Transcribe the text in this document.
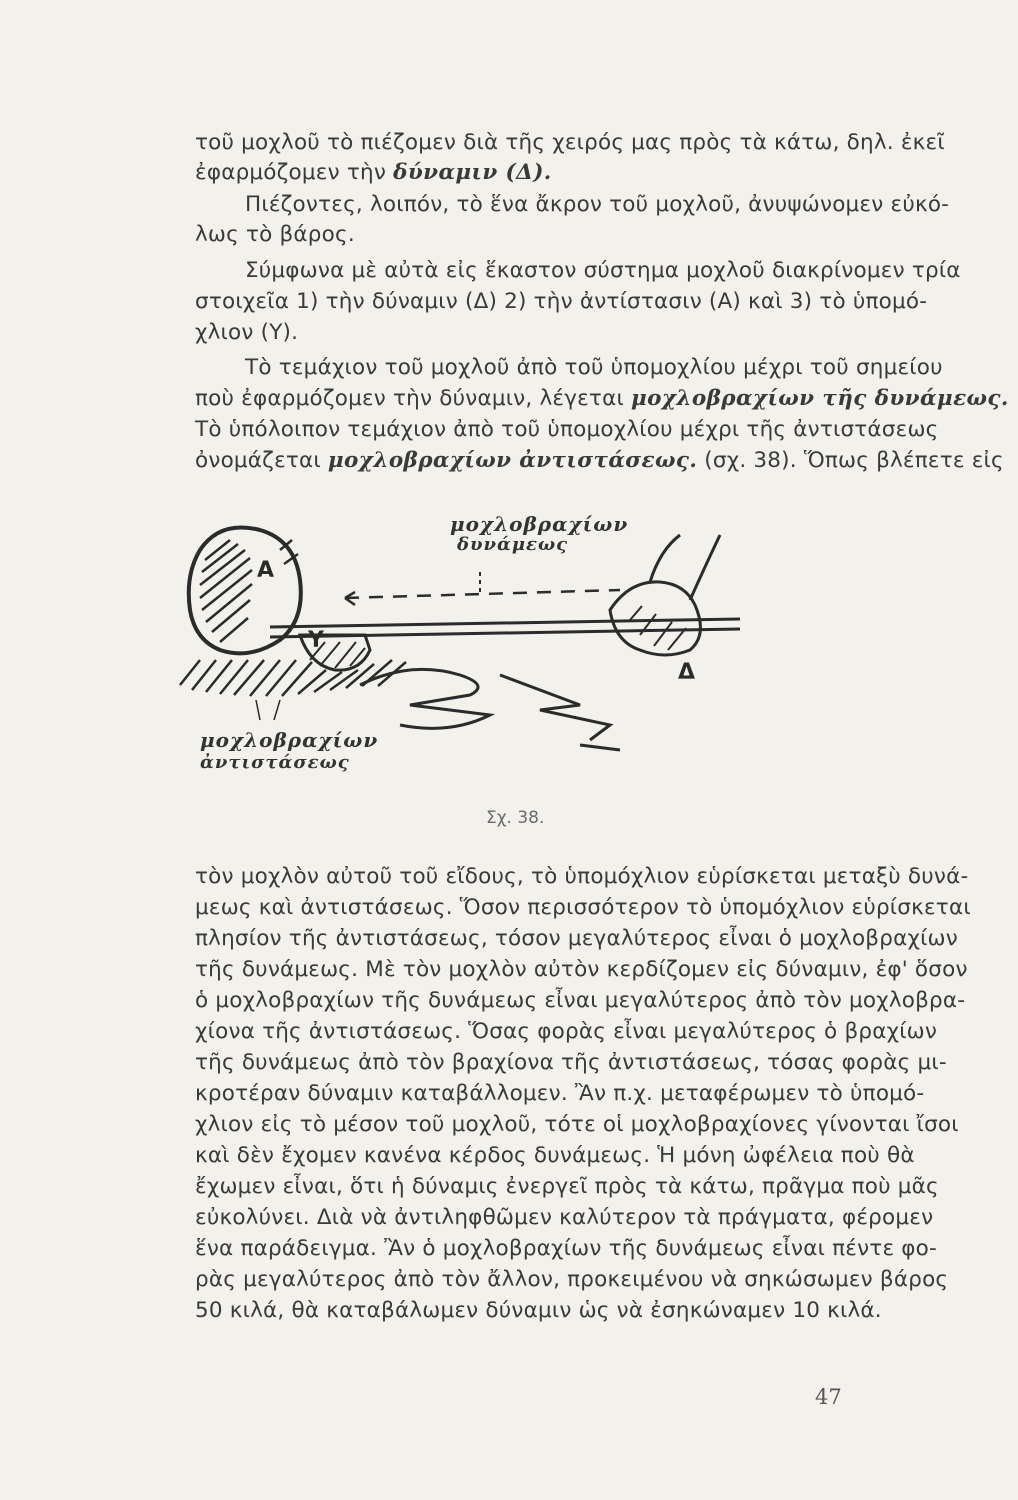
τοῦ μοχλοῦ τὸ πιέζομεν διὰ τῆς χειρός μας πρὸς τὰ κάτω, δηλ. ἐκεῖ
ἐφαρμόζομεν τὴν δύναμιν (Δ).
Πιέζοντες, λοιπόν, τὸ ἕνα ἄκρον τοῦ μοχλοῦ, ἀνυψώνομεν εὐκό-
λως τὸ βάρος.
Σύμφωνα μὲ αὐτὰ εἰς ἕκαστον σύστημα μοχλοῦ διακρίνομεν τρία
στοιχεῖα 1) τὴν δύναμιν (Δ) 2) τὴν ἀντίστασιν (Α) καὶ 3) τὸ ὑπομό-
χλιον (Υ).
Τὸ τεμάχιον τοῦ μοχλοῦ ἀπὸ τοῦ ὑπομοχλίου μέχρι τοῦ σημείου
ποὺ ἐφαρμόζομεν τὴν δύναμιν, λέγεται μοχλοβραχίων τῆς δυνάμεως.
Τὸ ὑπόλοιπον τεμάχιον ἀπὸ τοῦ ὑπομοχλίου μέχρι τῆς ἀντιστάσεως
ὀνομάζεται μοχλοβραχίων ἀντιστάσεως. (σχ. 38). Ὅπως βλέπετε εἰς
Α
Υ
Δ
μοχλοβραχίων
δυνάμεως
μοχλοβραχίων
ἀντιστάσεως
Σχ. 38.
τὸν μοχλὸν αὐτοῦ τοῦ εἴδους, τὸ ὑπομόχλιον εὑρίσκεται μεταξὺ δυνά-
μεως καὶ ἀντιστάσεως. Ὅσον περισσότερον τὸ ὑπομόχλιον εὑρίσκεται
πλησίον τῆς ἀντιστάσεως, τόσον μεγαλύτερος εἶναι ὁ μοχλοβραχίων
τῆς δυνάμεως. Μὲ τὸν μοχλὸν αὐτὸν κερδίζομεν εἰς δύναμιν, ἐφ' ὅσον
ὁ μοχλοβραχίων τῆς δυνάμεως εἶναι μεγαλύτερος ἀπὸ τὸν μοχλοβρα-
χίονα τῆς ἀντιστάσεως. Ὅσας φορὰς εἶναι μεγαλύτερος ὁ βραχίων
τῆς δυνάμεως ἀπὸ τὸν βραχίονα τῆς ἀντιστάσεως, τόσας φορὰς μι-
κροτέραν δύναμιν καταβάλλομεν. Ἂν π.χ. μεταφέρωμεν τὸ ὑπομό-
χλιον εἰς τὸ μέσον τοῦ μοχλοῦ, τότε οἱ μοχλοβραχίονες γίνονται ἴσοι
καὶ δὲν ἔχομεν κανένα κέρδος δυνάμεως. Ἡ μόνη ὠφέλεια ποὺ θὰ
ἔχωμεν εἶναι, ὅτι ἡ δύναμις ἐνεργεῖ πρὸς τὰ κάτω, πρᾶγμα ποὺ μᾶς
εὐκολύνει. Διὰ νὰ ἀντιληφθῶμεν καλύτερον τὰ πράγματα, φέρομεν
ἕνα παράδειγμα. Ἂν ὁ μοχλοβραχίων τῆς δυνάμεως εἶναι πέντε φο-
ρὰς μεγαλύτερος ἀπὸ τὸν ἄλλον, προκειμένου νὰ σηκώσωμεν βάρος
50 κιλά, θὰ καταβάλωμεν δύναμιν ὡς νὰ ἐσηκώναμεν 10 κιλά.
47
